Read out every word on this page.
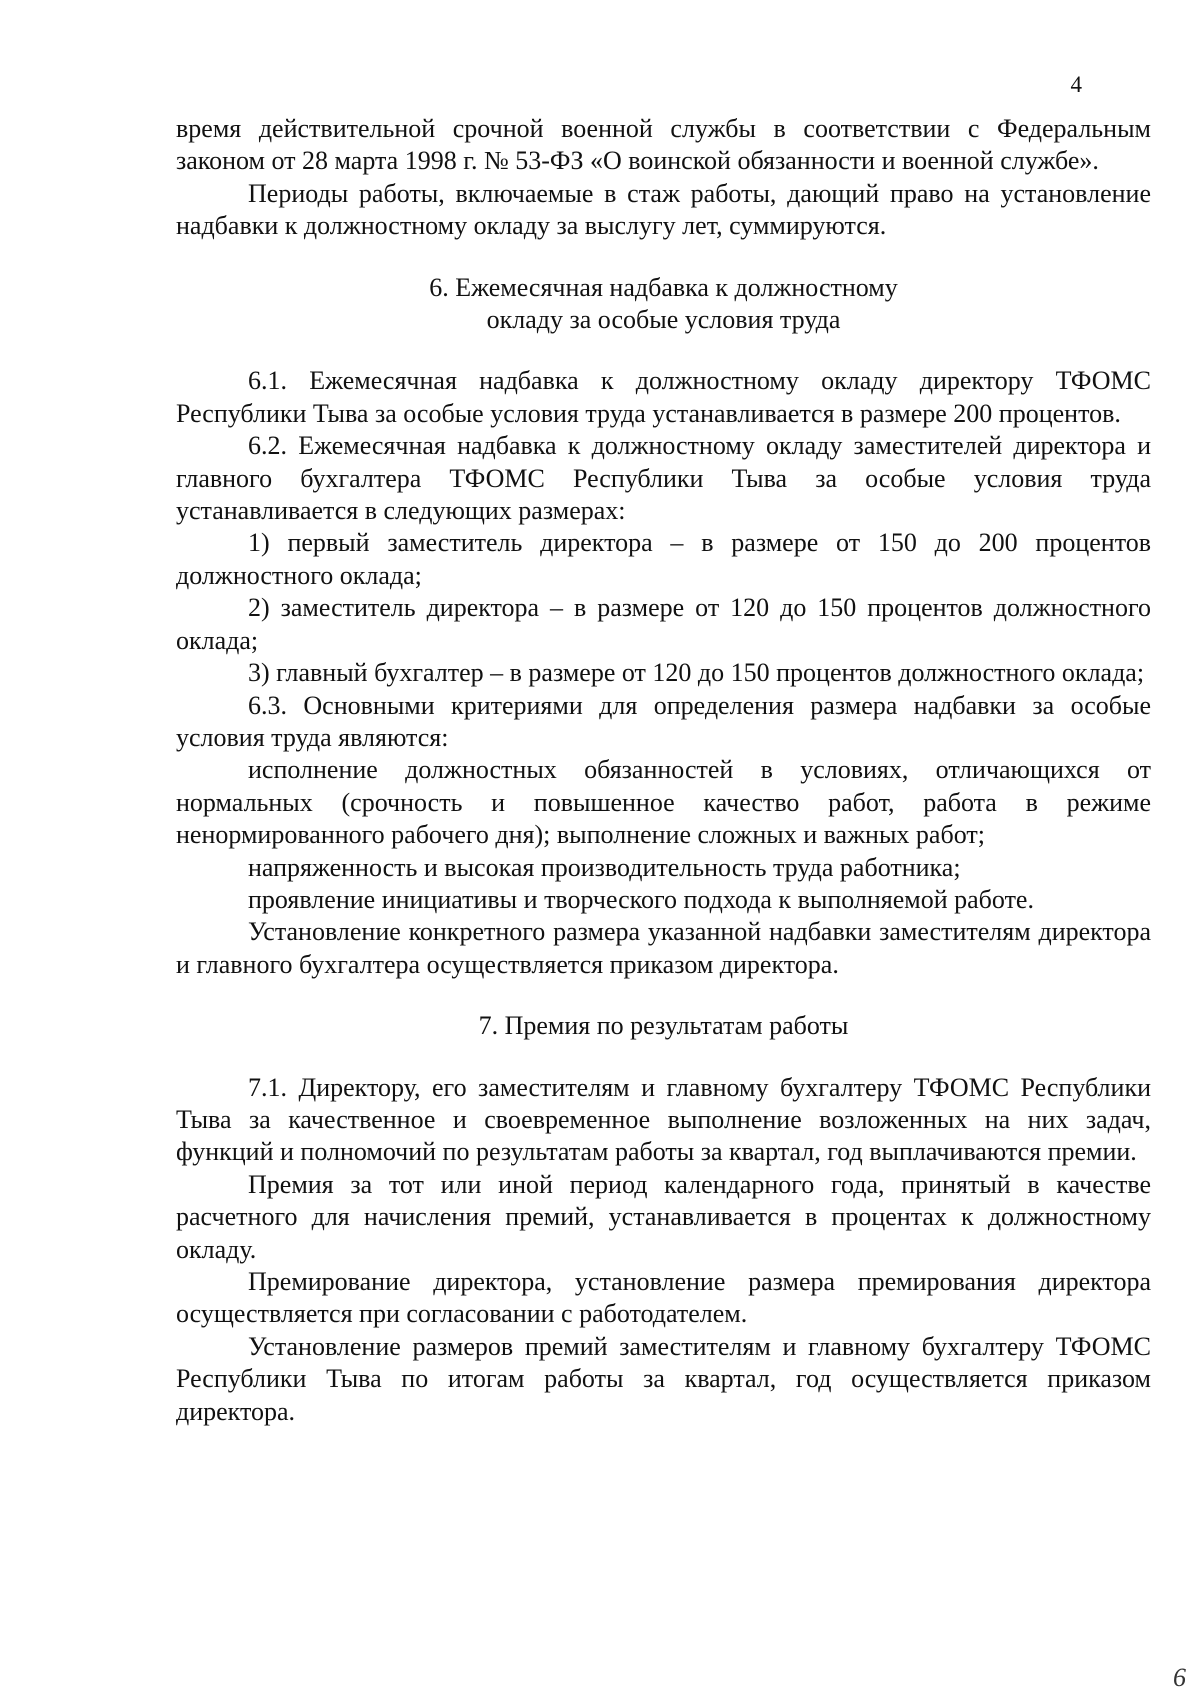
4

время действительной срочной военной службы в соответствии с Федеральным законом от 28 марта 1998 г. № 53-ФЗ «О воинской обязанности и военной службе».

Периоды работы, включаемые в стаж работы, дающий право на установление надбавки к должностному окладу за выслугу лет, суммируются.

6. Ежемесячная надбавка к должностному
окладу за особые условия труда

6.1. Ежемесячная надбавка к должностному окладу директору ТФОМС Республики Тыва за особые условия труда устанавливается в размере 200 процентов.

6.2. Ежемесячная надбавка к должностному окладу заместителей директора и главного бухгалтера ТФОМС Республики Тыва за особые условия труда устанавливается в следующих размерах:

1) первый заместитель директора – в размере от 150 до 200 процентов должностного оклада;

2) заместитель директора – в размере от 120 до 150 процентов должностного оклада;

3) главный бухгалтер – в размере от 120 до 150 процентов должностного оклада;

6.3. Основными критериями для определения размера надбавки за особые условия труда являются:

исполнение должностных обязанностей в условиях, отличающихся от нормальных (срочность и повышенное качество работ, работа в режиме ненормированного рабочего дня); выполнение сложных и важных работ;

напряженность и высокая производительность труда работника;

проявление инициативы и творческого подхода к выполняемой работе.

Установление конкретного размера указанной надбавки заместителям директора и главного бухгалтера осуществляется приказом директора.

7. Премия по результатам работы

7.1. Директору, его заместителям и главному бухгалтеру ТФОМС Республики Тыва за качественное и своевременное выполнение возложенных на них задач, функций и полномочий по результатам работы за квартал, год выплачиваются премии.

Премия за тот или иной период календарного года, принятый в качестве расчетного для начисления премий, устанавливается в процентах к должностному окладу.

Премирование директора, установление размера премирования директора осуществляется при согласовании с работодателем.

Установление размеров премий заместителям и главному бухгалтеру ТФОМС Республики Тыва по итогам работы за квартал, год осуществляется приказом директора.

6
